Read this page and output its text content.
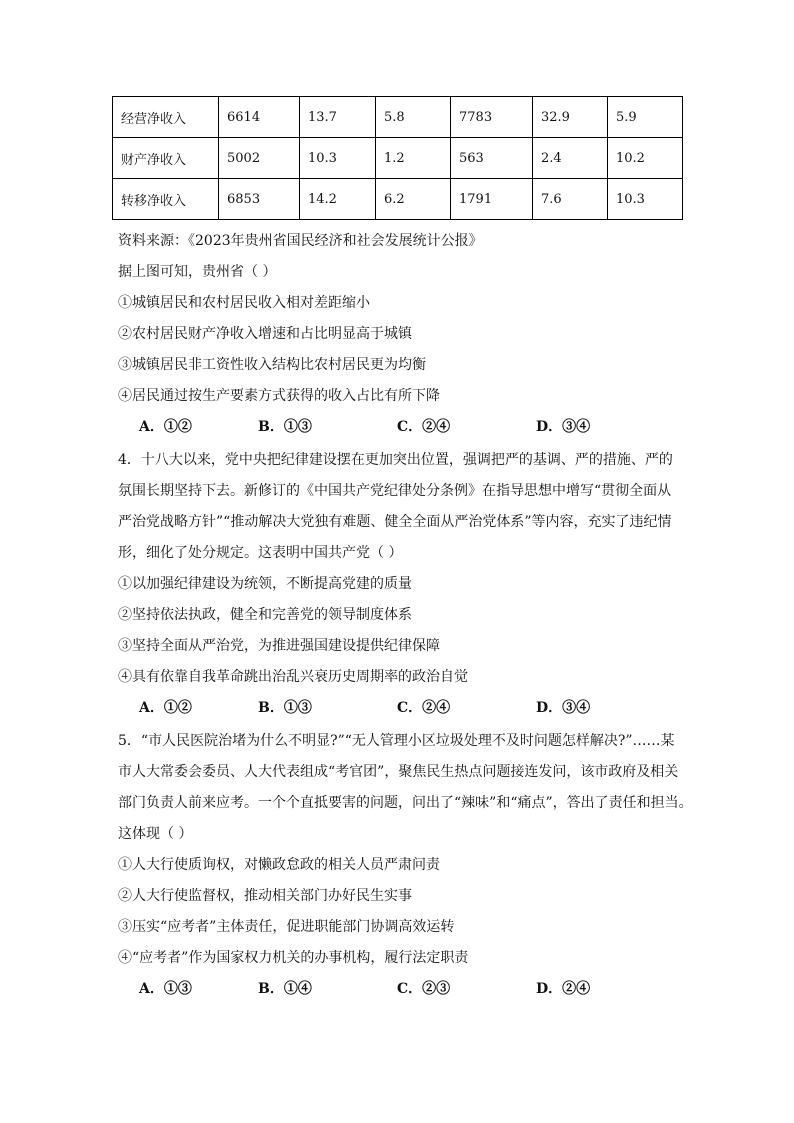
经营净收入	6614	13.7	5.8	7783	32.9	5.9
财产净收入	5002	10.3	1.2	563	2.4	10.2
转移净收入	6853	14.2	6.2	1791	7.6	10.3
资料来源：《2023年贵州省国民经济和社会发展统计公报》
据上图可知，贵州省（ ）
①城镇居民和农村居民收入相对差距缩小
②农村居民财产净收入增速和占比明显高于城镇
③城镇居民非工资性收入结构比农村居民更为均衡
④居民通过按生产要素方式获得的收入占比有所下降
A．①②	B．①③	C．②④	D．③④
4．十八大以来，党中央把纪律建设摆在更加突出位置，强调把严的基调、严的措施、严的
氛围长期坚持下去。新修订的《中国共产党纪律处分条例》在指导思想中增写“贯彻全面从
严治党战略方针”“推动解决大党独有难题、健全全面从严治党体系”等内容，充实了违纪情
形，细化了处分规定。这表明中国共产党（ ）
①以加强纪律建设为统领，不断提高党建的质量
②坚持依法执政，健全和完善党的领导制度体系
③坚持全面从严治党，为推进强国建设提供纪律保障
④具有依靠自我革命跳出治乱兴衰历史周期率的政治自觉
A．①②	B．①③	C．②④	D．③④
5．“市人民医院治堵为什么不明显?”“无人管理小区垃圾处理不及时问题怎样解决?”……某
市人大常委会委员、人大代表组成“考官团”，聚焦民生热点问题接连发问，该市政府及相关
部门负责人前来应考。一个个直抵要害的问题，问出了“辣味”和“痛点”，答出了责任和担当。
这体现（ ）
①人大行使质询权，对懒政怠政的相关人员严肃问责
②人大行使监督权，推动相关部门办好民生实事
③压实“应考者”主体责任，促进职能部门协调高效运转
④“应考者”作为国家权力机关的办事机构，履行法定职责
A．①③	B．①④	C．②③	D．②④
